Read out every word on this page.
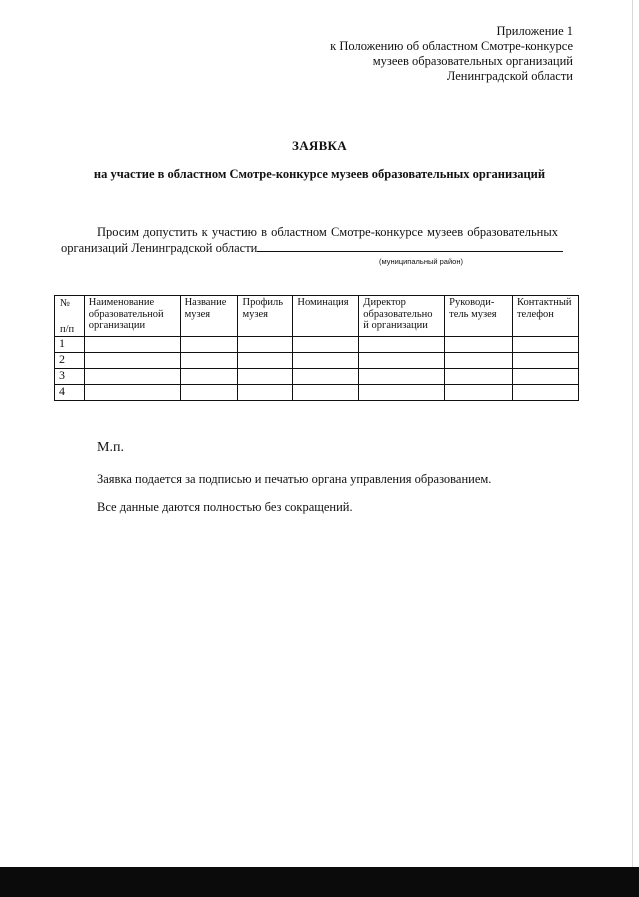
Приложение 1
к Положению об областном Смотре-конкурсе
музеев образовательных организаций
Ленинградской области
ЗАЯВКА
на участие в областном Смотре-конкурсе музеев образовательных организаций
Просим допустить к участию в областном Смотре-конкурсе музеев образовательных
организаций Ленинградской области
(муниципальный район)
№
п/п	Наименование образовательной организации	Название музея	Профиль музея	Номинация	Директор образовательно й организации	Руководи-тель музея	Контактный телефон
1							
2							
3							
4							
М.п.
Заявка подается за подписью и печатью органа управления образованием.
Все данные даются полностью без сокращений.
